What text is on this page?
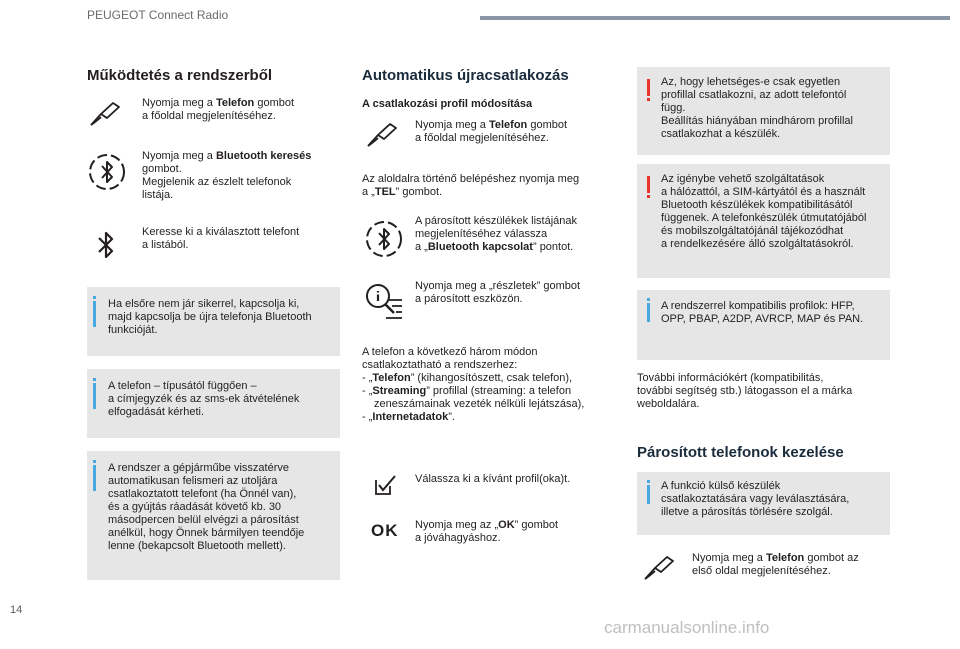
PEUGEOT Connect Radio
Működtetés a rendszerből
Nyomja meg a Telefon gombot
a főoldal megjelenítéséhez.
Nyomja meg a Bluetooth keresés
gombot.
Megjelenik az észlelt telefonok
listája.
Keresse ki a kiválasztott telefont
a listából.
Ha elsőre nem jár sikerrel, kapcsolja ki,
majd kapcsolja be újra telefonja Bluetooth
funkcióját.
A telefon – típusától függően –
a címjegyzék és az sms-ek átvételének
elfogadását kérheti.
A rendszer a gépjárműbe visszatérve
automatikusan felismeri az utoljára
csatlakoztatott telefont (ha Önnél van),
és a gyújtás ráadását követő kb. 30
másodpercen belül elvégzi a párosítást
anélkül, hogy Önnek bármilyen teendője
lenne (bekapcsolt Bluetooth mellett).
Automatikus újracsatlakozás
A csatlakozási profil módosítása
Nyomja meg a Telefon gombot
a főoldal megjelenítéséhez.
Az aloldalra történő belépéshez nyomja meg
a „TEL” gombot.
A párosított készülékek listájának
megjelenítéséhez válassza
a „Bluetooth kapcsolat” pontot.
Nyomja meg a „részletek” gombot
a párosított eszközön.
A telefon a következő három módon
csatlakoztatható a rendszerhez:
- „Telefon” (kihangosítószett, csak telefon),
- „Streaming” profillal (streaming: a telefon
zeneszámainak vezeték nélküli lejátszása),
- „Internetadatok”.
Válassza ki a kívánt profil(oka)t.
OK Nyomja meg az „OK” gombot
a jóváhagyáshoz.
Az, hogy lehetséges-e csak egyetlen
profillal csatlakozni, az adott telefontól
függ.
Beállítás hiányában mindhárom profillal
csatlakozhat a készülék.
Az igénybe vehető szolgáltatások
a hálózattól, a SIM-kártyától és a használt
Bluetooth készülékek kompatibilitásától
függenek. A telefonkészülék útmutatójából
és mobilszolgáltatójánál tájékozódhat
a rendelkezésére álló szolgáltatásokról.
A rendszerrel kompatibilis profilok: HFP,
OPP, PBAP, A2DP, AVRCP, MAP és PAN.
További információkért (kompatibilitás,
további segítség stb.) látogasson el a márka
weboldalára.
Párosított telefonok kezelése
A funkció külső készülék
csatlakoztatására vagy leválasztására,
illetve a párosítás törlésére szolgál.
Nyomja meg a Telefon gombot az
első oldal megjelenítéséhez.
14
carmanualsonline.info
